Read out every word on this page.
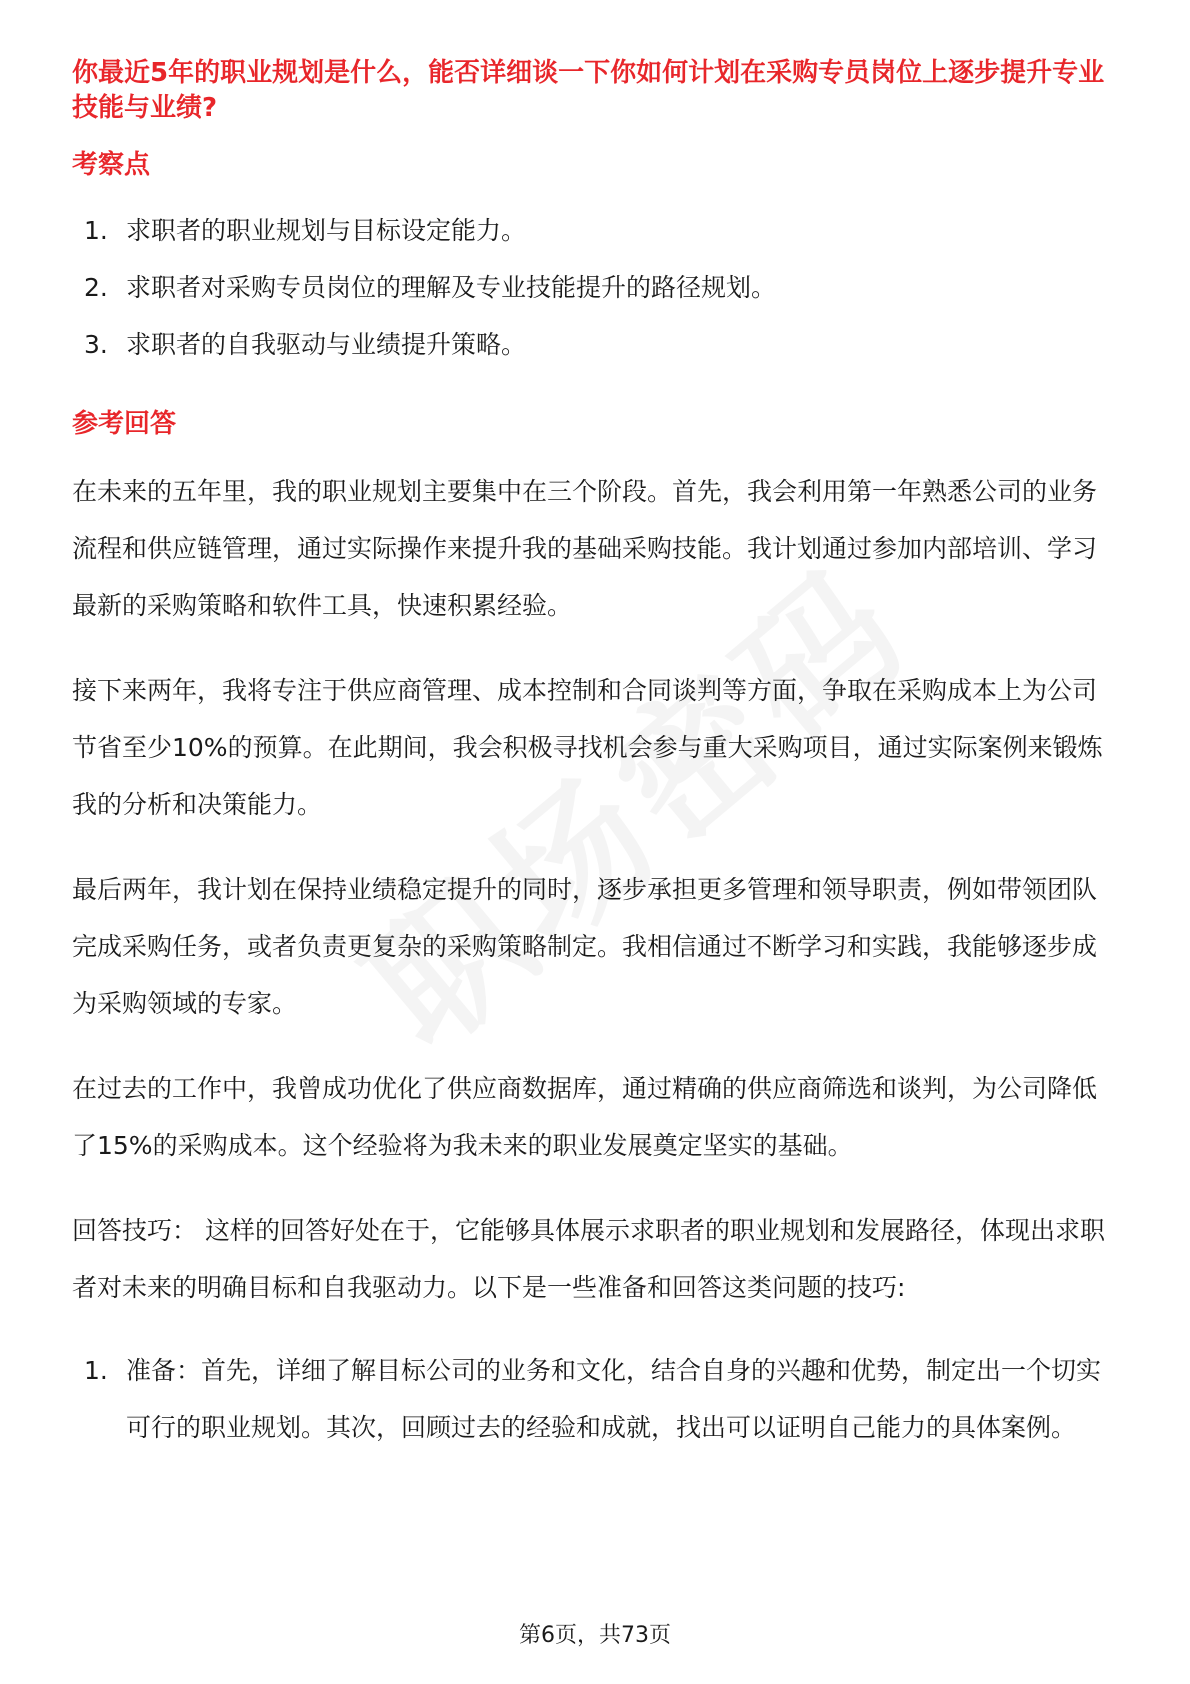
你最近5年的职业规划是什么，能否详细谈一下你如何计划在采购专员岗位上逐步提升专业技能与业绩?
考察点
1. 求职者的职业规划与目标设定能力。
2. 求职者对采购专员岗位的理解及专业技能提升的路径规划。
3. 求职者的自我驱动与业绩提升策略。
参考回答

在未来的五年里，我的职业规划主要集中在三个阶段。首先，我会利用第一年熟悉公司的业务流程和供应链管理，通过实际操作来提升我的基础采购技能。我计划通过参加内部培训、学习最新的采购策略和软件工具，快速积累经验。

接下来两年，我将专注于供应商管理、成本控制和合同谈判等方面，争取在采购成本上为公司节省至少10%的预算。在此期间，我会积极寻找机会参与重大采购项目，通过实际案例来锻炼我的分析和决策能力。

最后两年，我计划在保持业绩稳定提升的同时，逐步承担更多管理和领导职责，例如带领团队完成采购任务，或者负责更复杂的采购策略制定。我相信通过不断学习和实践，我能够逐步成为采购领域的专家。

在过去的工作中，我曾成功优化了供应商数据库，通过精确的供应商筛选和谈判，为公司降低了15%的采购成本。这个经验将为我未来的职业发展奠定坚实的基础。

回答技巧： 这样的回答好处在于，它能够具体展示求职者的职业规划和发展路径，体现出求职者对未来的明确目标和自我驱动力。以下是一些准备和回答这类问题的技巧:

1. 准备：首先，详细了解目标公司的业务和文化，结合自身的兴趣和优势，制定出一个切实可行的职业规划。其次，回顾过去的经验和成就，找出可以证明自己能力的具体案例。
第6页，共73页
